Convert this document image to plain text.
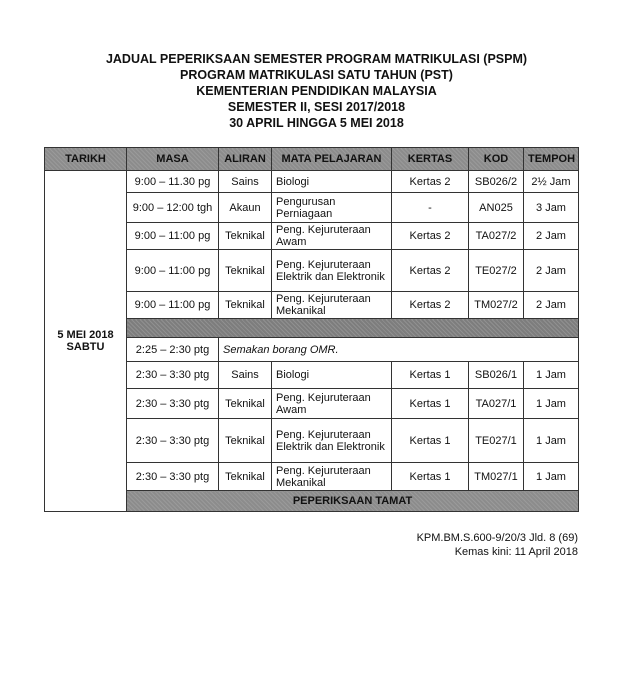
JADUAL PEPERIKSAAN SEMESTER PROGRAM MATRIKULASI (PSPM)
PROGRAM MATRIKULASI SATU TAHUN (PST)
KEMENTERIAN PENDIDIKAN MALAYSIA
SEMESTER II, SESI 2017/2018
30 APRIL HINGGA 5 MEI 2018
TARIKH	MASA	ALIRAN	MATA PELAJARAN	KERTAS	KOD	TEMPOH

5 MEI 2018
SABTU	9:00 – 11.30 pg	Sains	Biologi	Kertas 2	SB026/2	2½ Jam
	9:00 – 12:00 tgh	Akaun	Pengurusan Perniagaan	-	AN025	3 Jam
	9:00 – 11:00 pg	Teknikal	Peng. Kejuruteraan Awam	Kertas 2	TA027/2	2 Jam
	9:00 – 11:00 pg	Teknikal	Peng. Kejuruteraan Elektrik dan Elektronik	Kertas 2	TE027/2	2 Jam
	9:00 – 11:00 pg	Teknikal	Peng. Kejuruteraan Mekanikal	Kertas 2	TM027/2	2 Jam

	2:25 – 2:30 ptg	Semakan borang OMR.				
	2:30 – 3:30 ptg	Sains	Biologi	Kertas 1	SB026/1	1 Jam
	2:30 – 3:30 ptg	Teknikal	Peng. Kejuruteraan Awam	Kertas 1	TA027/1	1 Jam
	2:30 – 3:30 ptg	Teknikal	Peng. Kejuruteraan Elektrik dan Elektronik	Kertas 1	TE027/1	1 Jam
	2:30 – 3:30 ptg	Teknikal	Peng. Kejuruteraan Mekanikal	Kertas 1	TM027/1	1 Jam
	PEPERIKSAAN TAMAT					
KPM.BM.S.600-9/20/3 Jld. 8 (69)
Kemas kini: 11 April 2018
